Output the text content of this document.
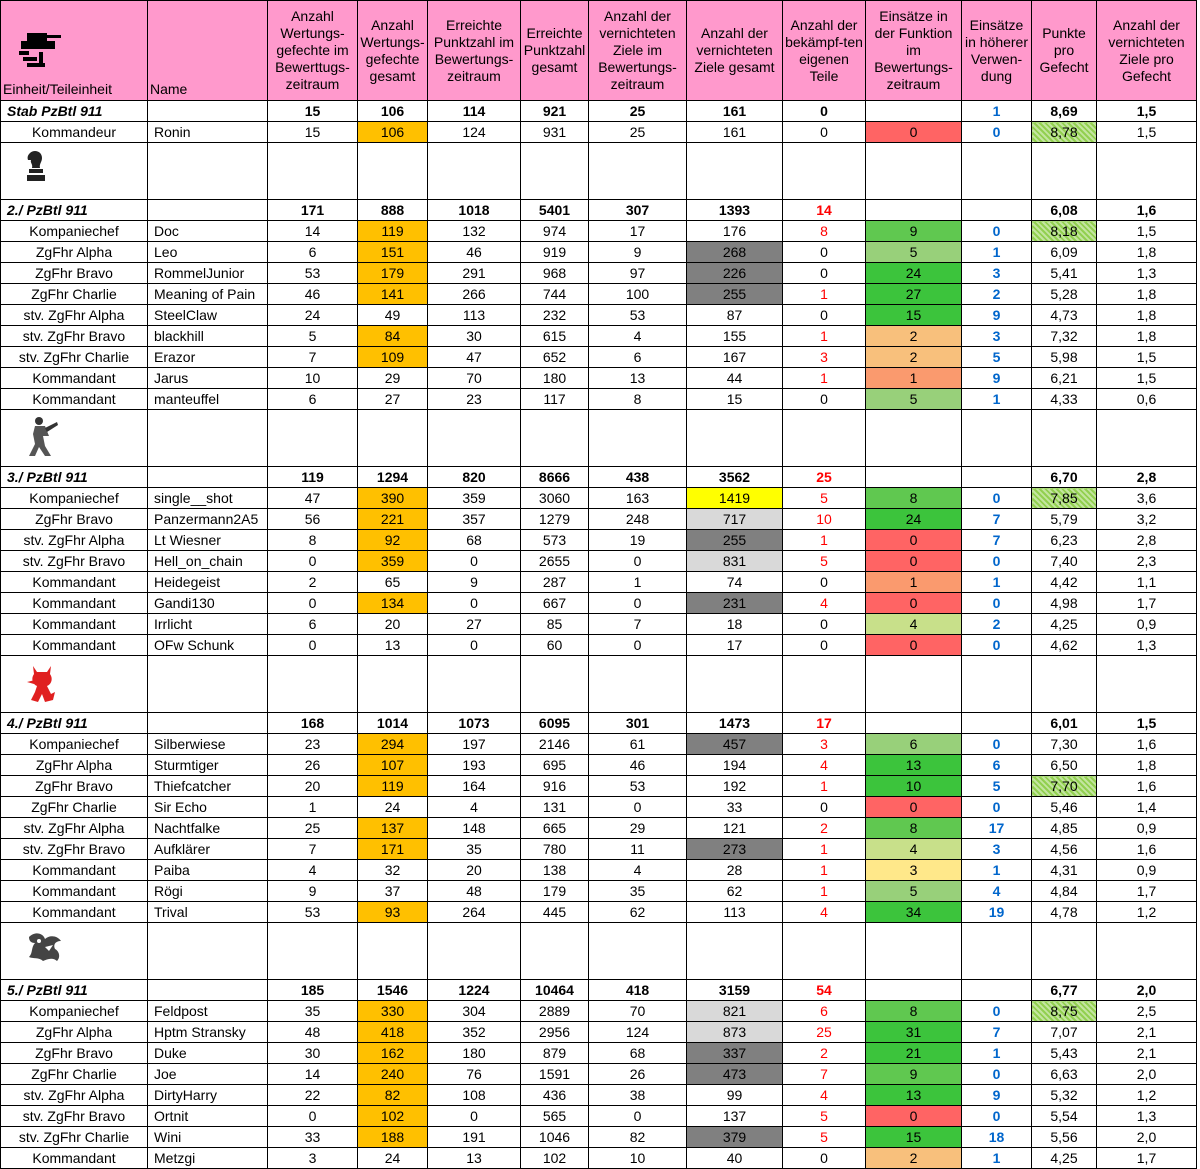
Einheit/Teileinheit	Name	Anzahl Wertungs-gefechte im Bewerttugs-zeitraum	Anzahl Wertungs-gefechte gesamt	Erreichte Punktzahl im Bewertungs-zeitraum	Erreichte Punktzahl gesamt	Anzahl der vernichteten Ziele im Bewertungs-zeitraum	Anzahl der vernichteten Ziele gesamt	Anzahl der bekämpf-ten eigenen Teile	Einsätze in der Funktion im Bewertungs-zeitraum	Einsätze in höherer Verwen-dung	Punkte pro Gefecht	Anzahl der vernichteten Ziele pro Gefecht
Stab PzBtl 911		15	106	114	921	25	161	0		1	8,69	1,5
Kommandeur	Ronin	15	106	124	931	25	161	0	0	0	8,78	1,5

2./ PzBtl 911		171	888	1018	5401	307	1393	14			6,08	1,6
Kompaniechef	Doc	14	119	132	974	17	176	8	9	0	8,18	1,5
ZgFhr Alpha	Leo	6	151	46	919	9	268	0	5	1	6,09	1,8
ZgFhr Bravo	RommelJunior	53	179	291	968	97	226	0	24	3	5,41	1,3
ZgFhr Charlie	Meaning of Pain	46	141	266	744	100	255	1	27	2	5,28	1,8
stv. ZgFhr Alpha	SteelClaw	24	49	113	232	53	87	0	15	9	4,73	1,8
stv. ZgFhr Bravo	blackhill	5	84	30	615	4	155	1	2	3	7,32	1,8
stv. ZgFhr Charlie	Erazor	7	109	47	652	6	167	3	2	5	5,98	1,5
Kommandant	Jarus	10	29	70	180	13	44	1	1	9	6,21	1,5
Kommandant	manteuffel	6	27	23	117	8	15	0	5	1	4,33	0,6

3./ PzBtl 911		119	1294	820	8666	438	3562	25			6,70	2,8
Kompaniechef	single__shot	47	390	359	3060	163	1419	5	8	0	7,85	3,6
ZgFhr Bravo	Panzermann2A5	56	221	357	1279	248	717	10	24	7	5,79	3,2
stv. ZgFhr Alpha	Lt Wiesner	8	92	68	573	19	255	1	0	7	6,23	2,8
stv. ZgFhr Bravo	Hell_on_chain	0	359	0	2655	0	831	5	0	0	7,40	2,3
Kommandant	Heidegeist	2	65	9	287	1	74	0	1	1	4,42	1,1
Kommandant	Gandi130	0	134	0	667	0	231	4	0	0	4,98	1,7
Kommandant	Irrlicht	6	20	27	85	7	18	0	4	2	4,25	0,9
Kommandant	OFw Schunk	0	13	0	60	0	17	0	0	0	4,62	1,3

4./ PzBtl 911		168	1014	1073	6095	301	1473	17			6,01	1,5
Kompaniechef	Silberwiese	23	294	197	2146	61	457	3	6	0	7,30	1,6
ZgFhr Alpha	Sturmtiger	26	107	193	695	46	194	4	13	6	6,50	1,8
ZgFhr Bravo	Thiefcatcher	20	119	164	916	53	192	1	10	5	7,70	1,6
ZgFhr Charlie	Sir Echo	1	24	4	131	0	33	0	0	0	5,46	1,4
stv. ZgFhr Alpha	Nachtfalke	25	137	148	665	29	121	2	8	17	4,85	0,9
stv. ZgFhr Bravo	Aufklärer	7	171	35	780	11	273	1	4	3	4,56	1,6
Kommandant	Paiba	4	32	20	138	4	28	1	3	1	4,31	0,9
Kommandant	Rögi	9	37	48	179	35	62	1	5	4	4,84	1,7
Kommandant	Trival	53	93	264	445	62	113	4	34	19	4,78	1,2

5./ PzBtl 911		185	1546	1224	10464	418	3159	54			6,77	2,0
Kompaniechef	Feldpost	35	330	304	2889	70	821	6	8	0	8,75	2,5
ZgFhr Alpha	Hptm Stransky	48	418	352	2956	124	873	25	31	7	7,07	2,1
ZgFhr Bravo	Duke	30	162	180	879	68	337	2	21	1	5,43	2,1
ZgFhr Charlie	Joe	14	240	76	1591	26	473	7	9	0	6,63	2,0
stv. ZgFhr Alpha	DirtyHarry	22	82	108	436	38	99	4	13	9	5,32	1,2
stv. ZgFhr Bravo	Ortnit	0	102	0	565	0	137	5	0	0	5,54	1,3
stv. ZgFhr Charlie	Wini	33	188	191	1046	82	379	5	15	18	5,56	2,0
Kommandant	Metzgi	3	24	13	102	10	40	0	2	1	4,25	1,7
